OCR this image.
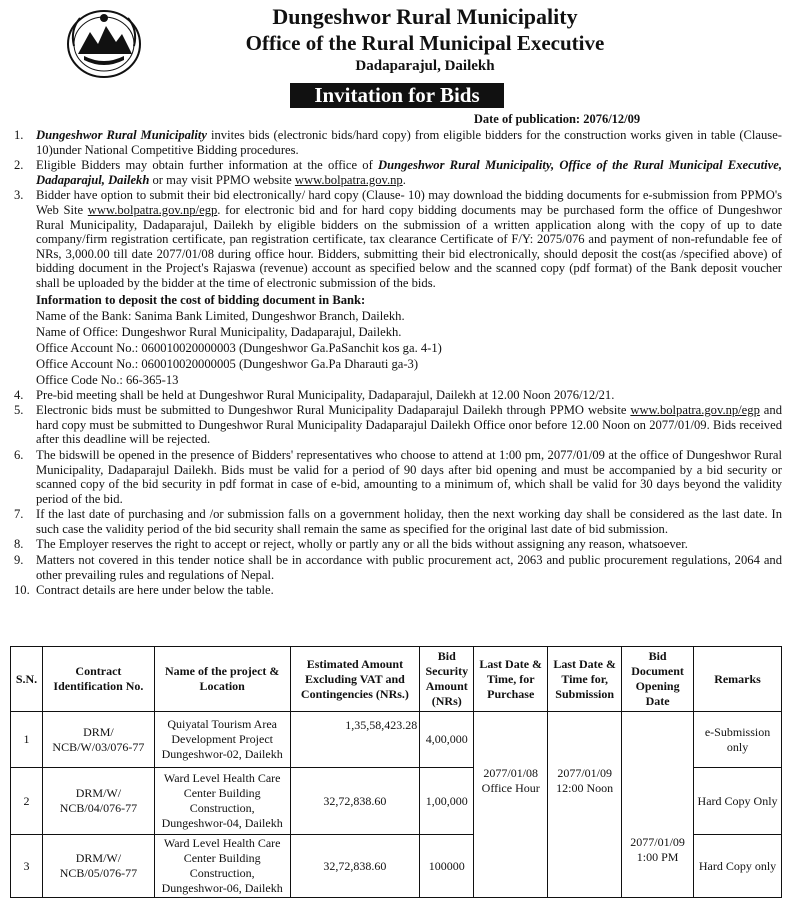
Dungeshwor Rural Municipality
Office of the Rural Municipal Executive
Dadaparajul, Dailekh
Invitation for Bids
Date of publication: 2076/12/09
1. Dungeshwor Rural Municipality invites bids (electronic bids/hard copy) from eligible bidders for the construction works given in table (Clause-10)under National Competitive Bidding procedures.
2. Eligible Bidders may obtain further information at the office of Dungeshwor Rural Municipality, Office of the Rural Municipal Executive, Dadaparajul, Dailekh or may visit PPMO website www.bolpatra.gov.np.
3. Bidder have option to submit their bid electronically/ hard copy (Clause- 10) may download the bidding documents for e-submission from PPMO's Web Site www.bolpatra.gov.np/egp. for electronic bid and for hard copy bidding documents may be purchased form the office of Dungeshwor Rural Municipality, Dadaparajul, Dailekh by eligible bidders on the submission of a written application along with the copy of up to date company/firm registration certificate, pan registration certificate, tax clearance Certificate of F/Y: 2075/076 and payment of non-refundable fee of NRs, 3,000.00 till date 2077/01/08 during office hour. Bidders, submitting their bid electronically, should deposit the cost(as /specified above) of bidding document in the Project's Rajaswa (revenue) account as specified below and the scanned copy (pdf format) of the Bank deposit voucher shall be uploaded by the bidder at the time of electronic submission of the bids.
Information to deposit the cost of bidding document in Bank:
Name of the Bank: Sanima Bank Limited, Dungeshwor Branch, Dailekh.
Name of Office: Dungeshwor Rural Municipality, Dadaparajul, Dailekh.
Office Account No.: 060010020000003 (Dungeshwor Ga.PaSanchit kos ga. 4-1)
Office Account No.: 060010020000005 (Dungeshwor Ga.Pa Dharauti ga-3)
Office Code No.: 66-365-13
4. Pre-bid meeting shall be held at Dungeshwor Rural Municipality, Dadaparajul, Dailekh at 12.00 Noon 2076/12/21.
5. Electronic bids must be submitted to Dungeshwor Rural Municipality Dadaparajul Dailekh through PPMO website www.bolpatra.gov.np/egp and hard copy must be submitted to Dungeshwor Rural Municipality Dadaparajul Dailekh Office onor before 12.00 Noon on 2077/01/09. Bids received after this deadline will be rejected.
6. The bidswill be opened in the presence of Bidders' representatives who choose to attend at 1:00 pm, 2077/01/09 at the office of Dungeshwor Rural Municipality, Dadaparajul Dailekh. Bids must be valid for a period of 90 days after bid opening and must be accompanied by a bid security or scanned copy of the bid security in pdf format in case of e-bid, amounting to a minimum of, which shall be valid for 30 days beyond the validity period of the bid.
7. If the last date of purchasing and /or submission falls on a government holiday, then the next working day shall be considered as the last date. In such case the validity period of the bid security shall remain the same as specified for the original last date of bid submission.
8. The Employer reserves the right to accept or reject, wholly or partly any or all the bids without assigning any reason, whatsoever.
9. Matters not covered in this tender notice shall be in accordance with public procurement act, 2063 and public procurement regulations, 2064 and other prevailing rules and regulations of Nepal.
10. Contract details are here under below the table.
S.N.	Contract Identification No.	Name of the project & Location	Estimated Amount Excluding VAT and Contingencies (NRs.)	Bid Security Amount (NRs)	Last Date & Time, for Purchase	Last Date & Time for, Submission	Bid Document Opening Date	Remarks
1	DRM/ NCB/W/03/076-77	Quiyatal Tourism Area Development Project Dungeshwor-02, Dailekh	1,35,58,423.28	4,00,000	2077/01/08 Office Hour	2077/01/09 12:00 Noon	2077/01/09 1:00 PM	e-Submission only
2	DRM/W/ NCB/04/076-77	Ward Level Health Care Center Building Construction, Dungeshwor-04, Dailekh	32,72,838.60	1,00,000				Hard Copy Only
3	DRM/W/ NCB/05/076-77	Ward Level Health Care Center Building Construction, Dungeshwor-06, Dailekh	32,72,838.60	100000				Hard Copy only
